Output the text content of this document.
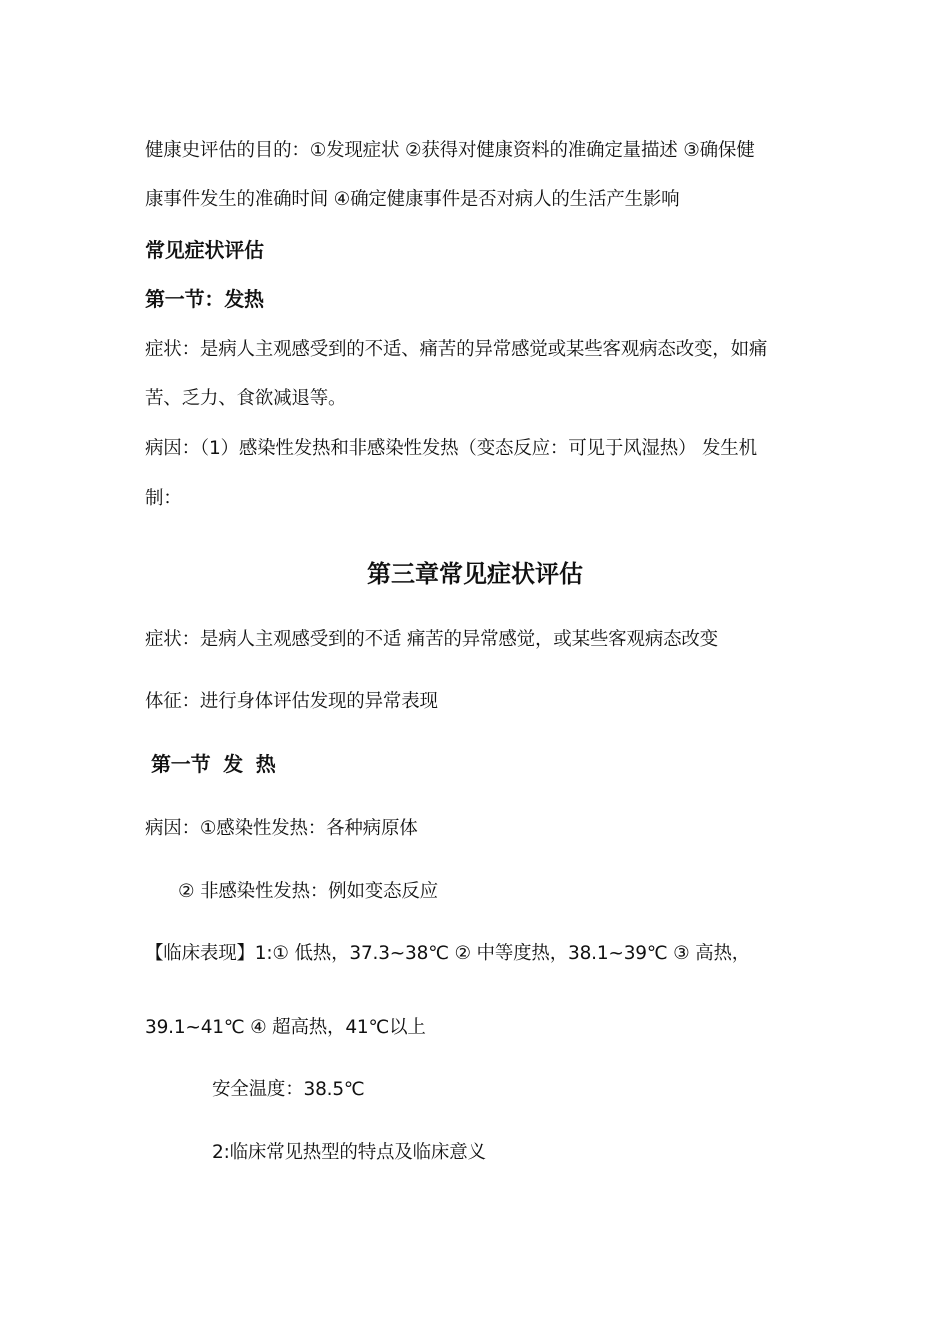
健康史评估的目的：①发现症状 ②获得对健康资料的准确定量描述 ③确保健
康事件发生的准确时间 ④确定健康事件是否对病人的生活产生影响
常见症状评估
第一节：发热
症状：是病人主观感受到的不适、痛苦的异常感觉或某些客观病态改变，如痛
苦、乏力、食欲减退等。
病因：（1）感染性发热和非感染性发热（变态反应：可见于风湿热） 发生机
制：
第三章常见症状评估
症状：是病人主观感受到的不适 痛苦的异常感觉，或某些客观病态改变
体征：进行身体评估发现的异常表现
第一节 发 热
病因：①感染性发热：各种病原体
② 非感染性发热：例如变态反应
【临床表现】1:① 低热，37.3~38℃ ② 中等度热，38.1~39℃ ③ 高热，
39.1~41℃ ④ 超高热，41℃以上
安全温度：38.5℃
2:临床常见热型的特点及临床意义
